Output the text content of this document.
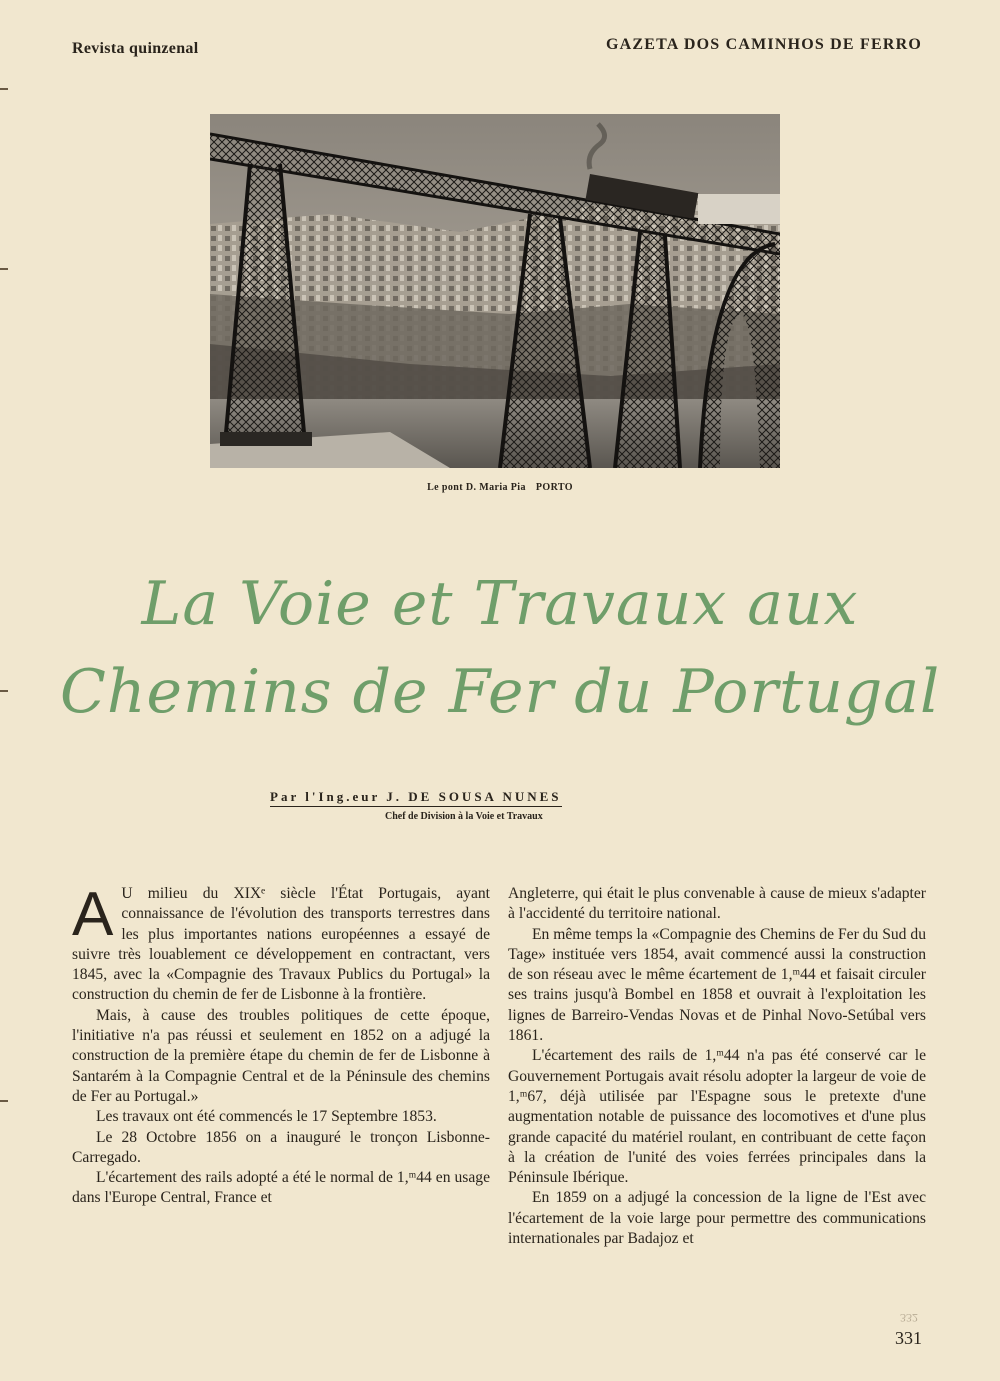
Revista quinzenal	GAZETA DOS CAMINHOS DE FERRO
Le pont D. Maria Pia PORTO
La Voie et Travaux aux
Chemins de Fer du Portugal
Par l'Ing.eur J. DE SOUSA NUNES
Chef de Division à la Voie et Travaux

A U milieu du XIXᵉ siècle l'État Portugais, ayant connaissance de l'évolution des transports terrestres dans les plus importantes nations européennes a essayé de suivre très louablement ce développement en contractant, vers 1845, avec la «Compagnie des Travaux Publics du Portugal» la construction du chemin de fer de Lisbonne à la frontière.

Mais, à cause des troubles politiques de cette époque, l'initiative n'a pas réussi et seulement en 1852 on a adjugé la construction de la première étape du chemin de fer de Lisbonne à Santarém à la Compagnie Central et de la Péninsule des chemins de Fer au Portugal.»

Les travaux ont été commencés le 17 Septembre 1853.

Le 28 Octobre 1856 on a inauguré le tronçon Lisbonne-Carregado.

L'écartement des rails adopté a été le normal de 1,ᵐ44 en usage dans l'Europe Central, France et

Angleterre, qui était le plus convenable à cause de mieux s'adapter à l'accidenté du territoire national.

En même temps la «Compagnie des Chemins de Fer du Sud du Tage» instituée vers 1854, avait commencé aussi la construction de son réseau avec le même écartement de 1,ᵐ44 et faisait circuler ses trains jusqu'à Bombel en 1858 et ouvrait à l'exploitation les lignes de Barreiro-Vendas Novas et de Pinhal Novo-Setúbal vers 1861.

L'écartement des rails de 1,ᵐ44 n'a pas été conservé car le Gouvernement Portugais avait résolu adopter la largeur de voie de 1,ᵐ67, déjà utilisée par l'Espagne sous le pretexte d'une augmentation notable de puissance des locomotives et d'une plus grande capacité du matériel roulant, en contribuant de cette façon à la création de l'unité des voies ferrées principales dans la Péninsule Ibérique.

En 1859 on a adjugé la concession de la ligne de l'Est avec l'écartement de la voie large pour permettre des communications internationales par Badajoz et

332
331
